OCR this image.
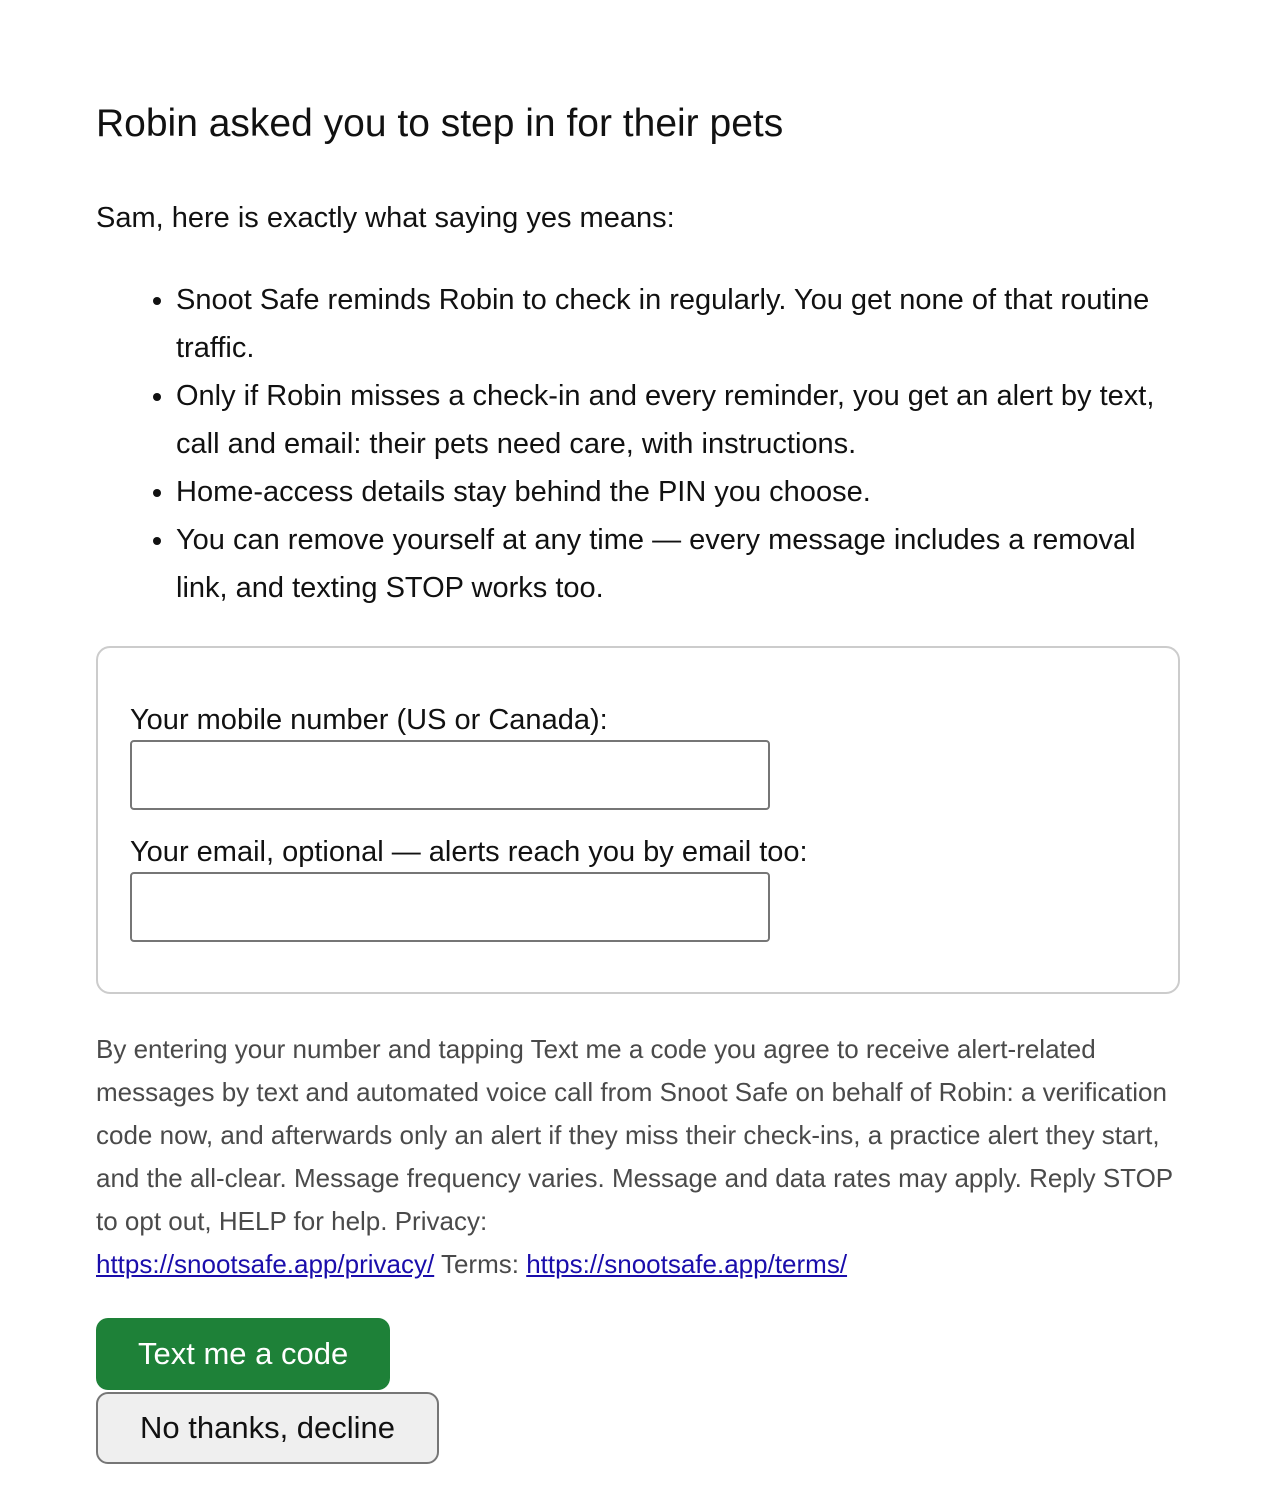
Robin asked you to step in for their pets

Sam, here is exactly what saying yes means:

• Snoot Safe reminds Robin to check in regularly. You get none of that routine traffic.
• Only if Robin misses a check-in and every reminder, you get an alert by text, call and email: their pets need care, with instructions.
• Home-access details stay behind the PIN you choose.
• You can remove yourself at any time — every message includes a removal link, and texting STOP works too.
Your mobile number (US or Canada):
Your email, optional — alerts reach you by email too:

By entering your number and tapping Text me a code you agree to receive alert-related messages by text and automated voice call from Snoot Safe on behalf of Robin: a verification code now, and afterwards only an alert if they miss their check-ins, a practice alert they start, and the all-clear. Message frequency varies. Message and data rates may apply. Reply STOP to opt out, HELP for help. Privacy:
https://snootsafe.app/privacy/ Terms: https://snootsafe.app/terms/

Text me a code
No thanks, decline
